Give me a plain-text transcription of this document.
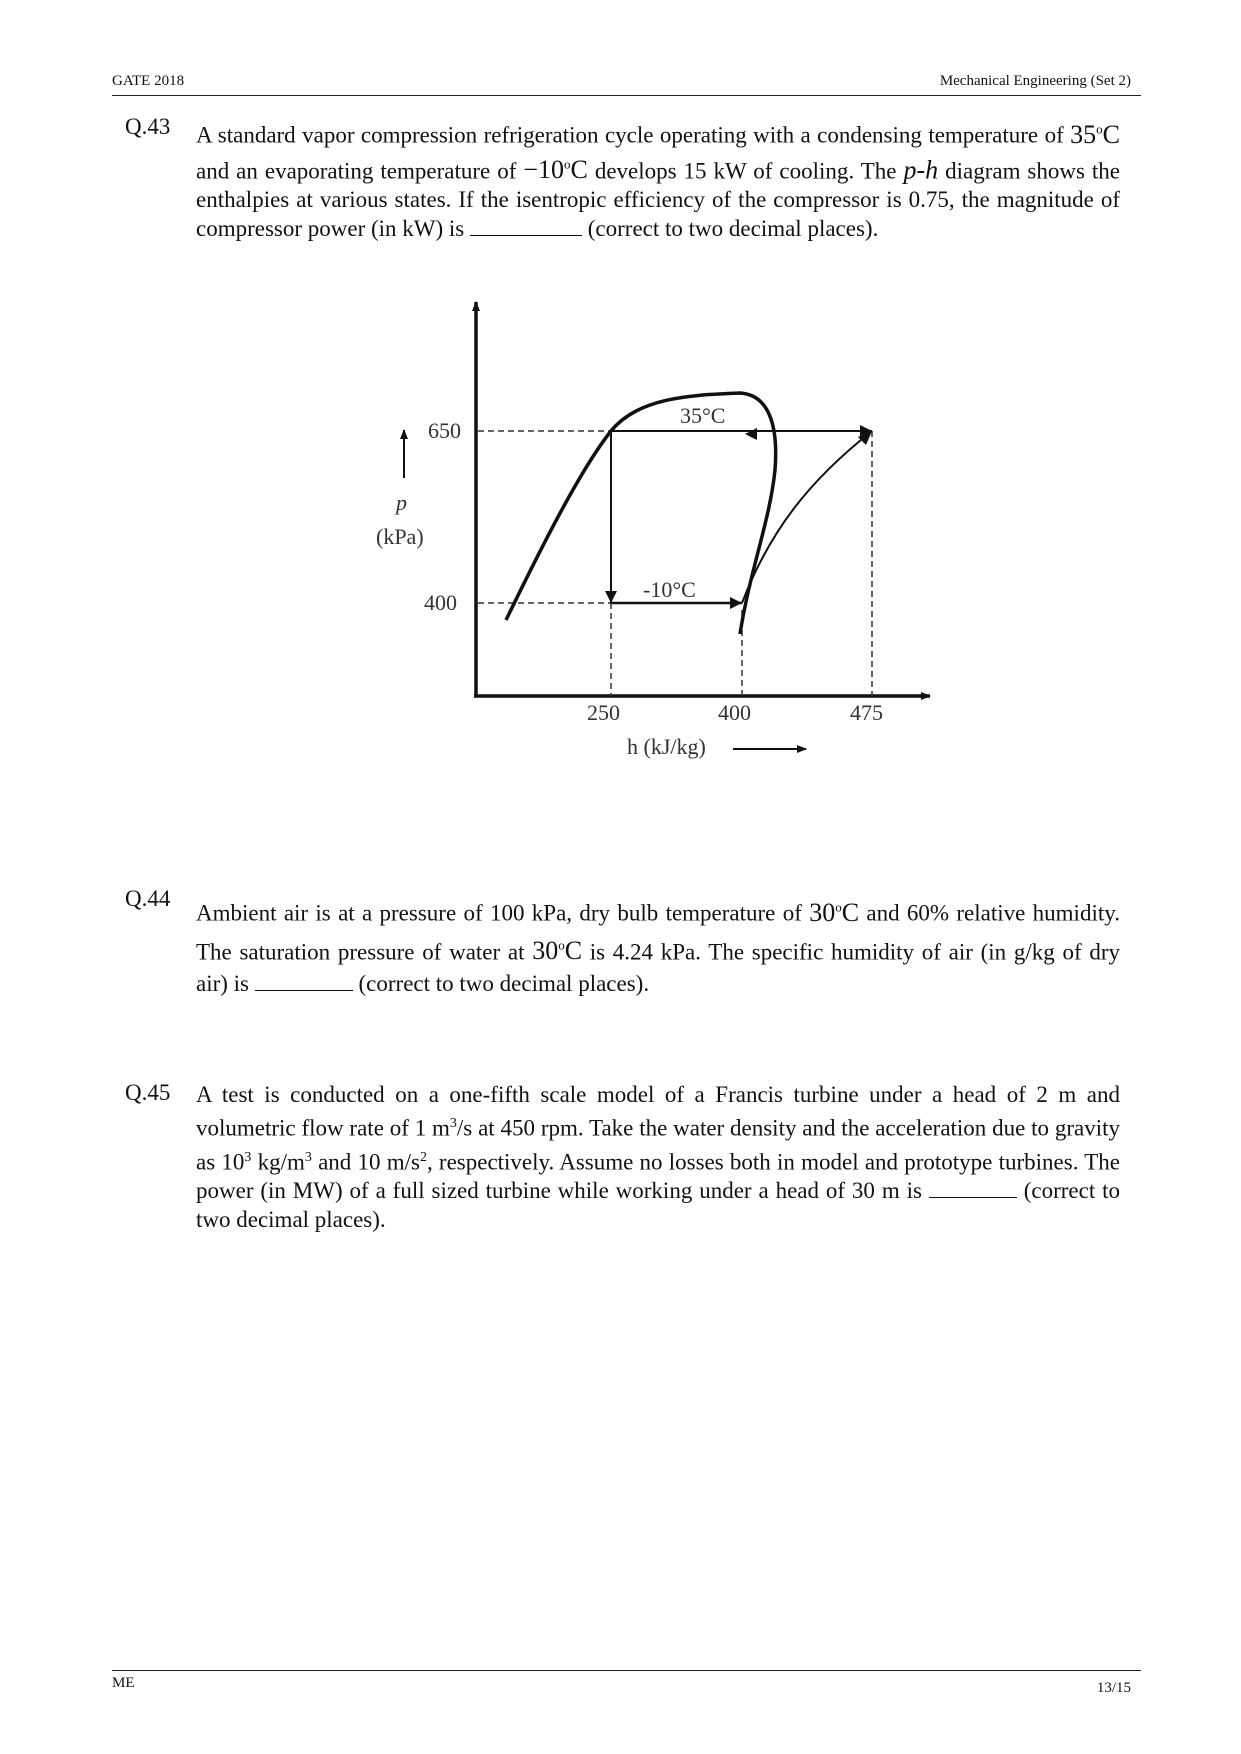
GATE 2018	Mechanical Engineering (Set 2)
Q.43 A standard vapor compression refrigeration cycle operating with a condensing temperature of 35$^o$C and an evaporating temperature of $-10^oC$ develops 15 kW of cooling. The p-h diagram shows the enthalpies at various states. If the isentropic efficiency of the compressor is 0.75, the magnitude of compressor power (in kW) is	(correct to two decimal places).
650
400
p
(kPa)
35°C
-10°C
250	400	475
h (kJ/kg)
Q.44
Ambient air is at a pressure of 100 kPa, dry bulb temperature of 30$^o$C and 60% relative humidity. The saturation pressure of water at 30$^o$C is 4.24 kPa. The specific humidity of air (in g/kg of dry air) is	(correct to two decimal places).
Q.45 A test is conducted on a one-fifth scale model of a Francis turbine under a head of 2 m and volumetric flow rate of 1 $m^3/s$ at 450 rpm. Take the water density and the acceleration due to gravity as $10^3$ $kg/m^3$ and 10 $m/s^2$, respectively. Assume no losses both in model and prototype turbines. The power (in MW) of a full sized turbine while working under a head of 30 m is	(correct to two decimal places).
ME	13/15
